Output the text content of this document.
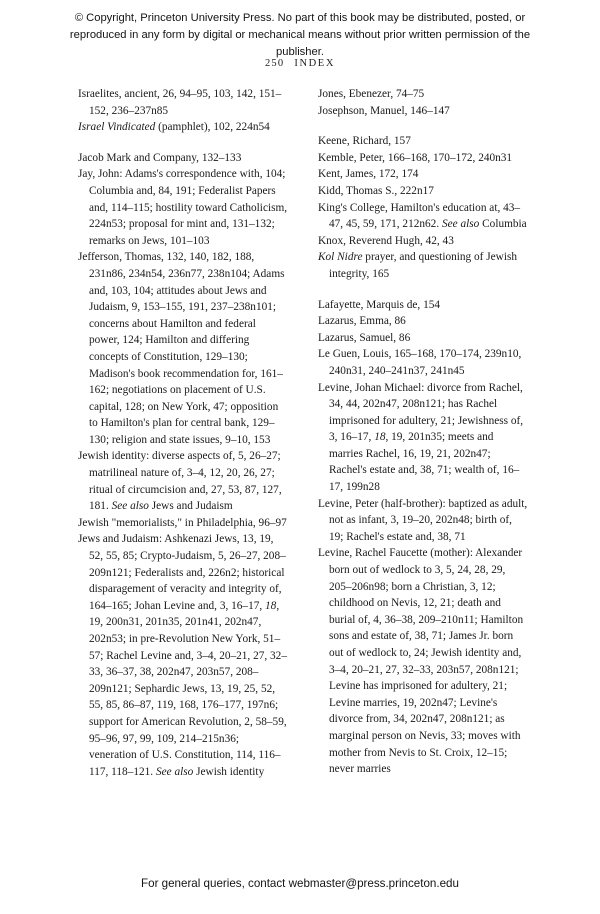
© Copyright, Princeton University Press. No part of this book may be distributed, posted, or reproduced in any form by digital or mechanical means without prior written permission of the publisher.
250 INDEX
Israelites, ancient, 26, 94–95, 103, 142, 151–152, 236–237n85
Israel Vindicated (pamphlet), 102, 224n54
Jacob Mark and Company, 132–133
Jay, John: Adams's correspondence with, 104; Columbia and, 84, 191; Federalist Papers and, 114–115; hostility toward Catholicism, 224n53; proposal for mint and, 131–132; remarks on Jews, 101–103
Jefferson, Thomas, 132, 140, 182, 188, 231n86, 234n54, 236n77, 238n104; Adams and, 103, 104; attitudes about Jews and Judaism, 9, 153–155, 191, 237–238n101; concerns about Hamilton and federal power, 124; Hamilton and differing concepts of Constitution, 129–130; Madison's book recommendation for, 161–162; negotiations on placement of U.S. capital, 128; on New York, 47; opposition to Hamilton's plan for central bank, 129–130; religion and state issues, 9–10, 153
Jewish identity: diverse aspects of, 5, 26–27; matrilineal nature of, 3–4, 12, 20, 26, 27; ritual of circumcision and, 27, 53, 87, 127, 181. See also Jews and Judaism
Jewish "memorialists," in Philadelphia, 96–97
Jews and Judaism: Ashkenazi Jews, 13, 19, 52, 55, 85; Crypto-Judaism, 5, 26–27, 208–209n121; Federalists and, 226n2; historical disparagement of veracity and integrity of, 164–165; Johan Levine and, 3, 16–17, 18, 19, 200n31, 201n35, 201n41, 202n47, 202n53; in pre-Revolution New York, 51–57; Rachel Levine and, 3–4, 20–21, 27, 32–33, 36–37, 38, 202n47, 203n57, 208–209n121; Sephardic Jews, 13, 19, 25, 52, 55, 85, 86–87, 119, 168, 176–177, 197n6; support for American Revolution, 2, 58–59, 95–96, 97, 99, 109, 214–215n36; veneration of U.S. Constitution, 114, 116–117, 118–121. See also Jewish identity
Jones, Ebenezer, 74–75
Josephson, Manuel, 146–147
Keene, Richard, 157
Kemble, Peter, 166–168, 170–172, 240n31
Kent, James, 172, 174
Kidd, Thomas S., 222n17
King's College, Hamilton's education at, 43–47, 45, 59, 171, 212n62. See also Columbia
Knox, Reverend Hugh, 42, 43
Kol Nidre prayer, and questioning of Jewish integrity, 165
Lafayette, Marquis de, 154
Lazarus, Emma, 86
Lazarus, Samuel, 86
Le Guen, Louis, 165–168, 170–174, 239n10, 240n31, 240–241n37, 241n45
Levine, Johan Michael: divorce from Rachel, 34, 44, 202n47, 208n121; has Rachel imprisoned for adultery, 21; Jewishness of, 3, 16–17, 18, 19, 201n35; meets and marries Rachel, 16, 19, 21, 202n47; Rachel's estate and, 38, 71; wealth of, 16–17, 199n28
Levine, Peter (half-brother): baptized as adult, not as infant, 3, 19–20, 202n48; birth of, 19; Rachel's estate and, 38, 71
Levine, Rachel Faucette (mother): Alexander born out of wedlock to 3, 5, 24, 28, 29, 205–206n98; born a Christian, 3, 12; childhood on Nevis, 12, 21; death and burial of, 4, 36–38, 209–210n11; Hamilton sons and estate of, 38, 71; James Jr. born out of wedlock to, 24; Jewish identity and, 3–4, 20–21, 27, 32–33, 203n57, 208n121; Levine has imprisoned for adultery, 21; Levine marries, 19, 202n47; Levine's divorce from, 34, 202n47, 208n121; as marginal person on Nevis, 33; moves with mother from Nevis to St. Croix, 12–15; never marries
For general queries, contact webmaster@press.princeton.edu
